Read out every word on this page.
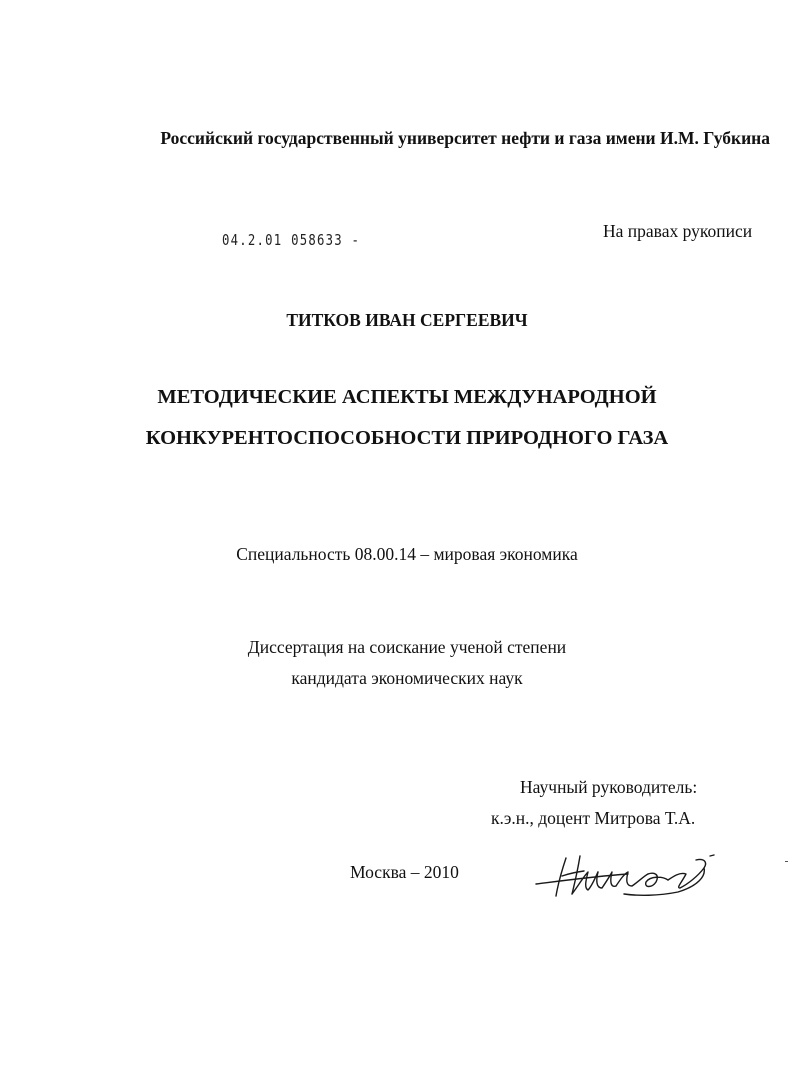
Российский государственный университет нефти и газа имени И.М. Губкина
04.2.01 058633 -	На правах рукописи
ТИТКОВ ИВАН СЕРГЕЕВИЧ
МЕТОДИЧЕСКИЕ АСПЕКТЫ МЕЖДУНАРОДНОЙ
КОНКУРЕНТОСПОСОБНОСТИ ПРИРОДНОГО ГАЗА
Специальность 08.00.14 – мировая экономика
Диссертация на соискание ученой степени
кандидата экономических наук
Научный руководитель:
к.э.н., доцент Митрова Т.А.
Москва – 2010
